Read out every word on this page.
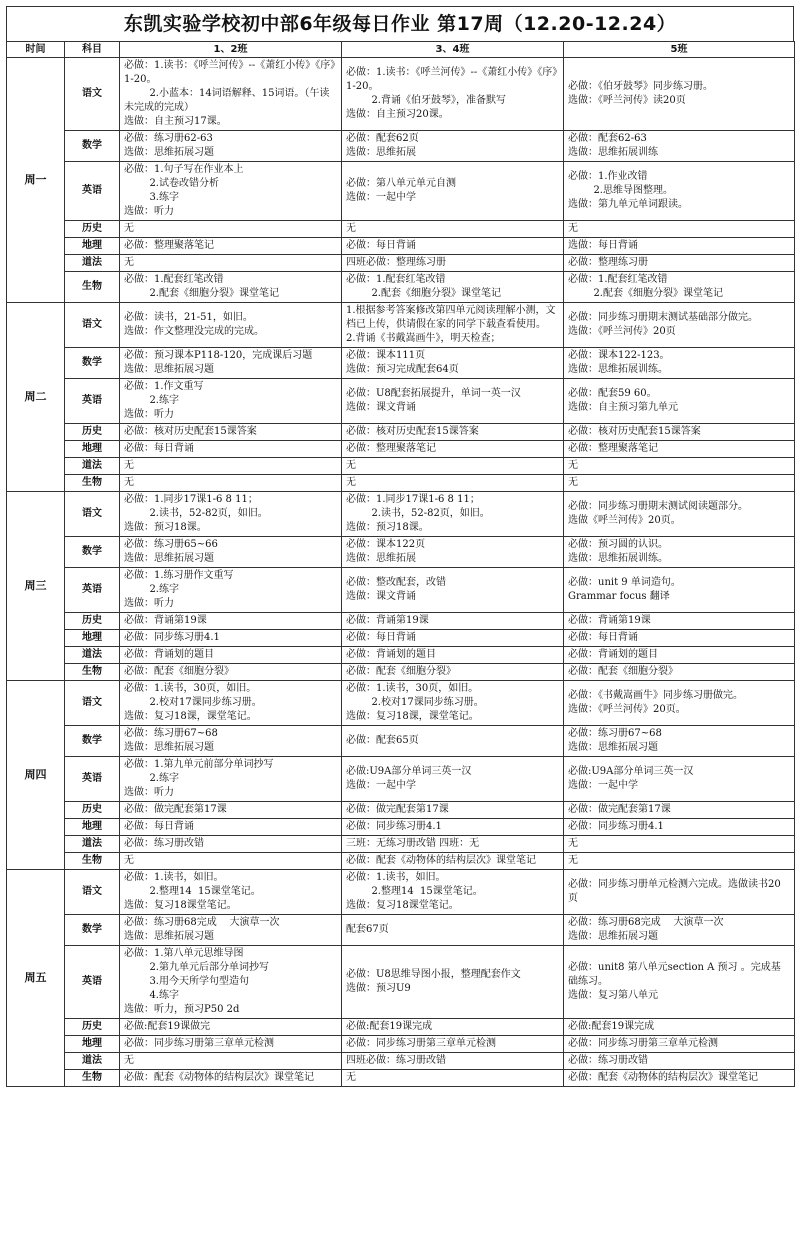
东凯实验学校初中部6年级每日作业 第17周（12.20-12.24）
时间	科目	1、2班	3、4班	5班
周一	语文	必做：1.读书：《呼兰河传》--《萧红小传》《序》1-20。
2.小蓝本：14词语解释、15词语。（午读未完成的完成）
选做：自主预习17课。	必做：1.读书：《呼兰河传》--《萧红小传》《序》1-20。
2.背诵《伯牙鼓琴》，准备默写
选做：自主预习20课。	必做：《伯牙鼓琴》同步练习册。
选做：《呼兰河传》读20页

	数学	必做：练习册62-63
选做：思维拓展习题	必做：配套62页
选做：思维拓展	必做：配套62-63
选做：思维拓展训练

	英语	必做：1.句子写在作业本上
2.试卷改错分析
3.练字
选做：听力	必做：第八单元单元自测
选做：一起中学	必做：1.作业改错
2.思维导图整理。
选做：第九单元单词跟读。

	历史	无	无	无

	地理	必做：整理聚落笔记	必做：每日背诵	选做：每日背诵

	道法	无	四班必做：整理练习册	必做：整理练习册

	生物	必做：1.配套红笔改错
2.配套《细胞分裂》课堂笔记	必做：1.配套红笔改错
2.配套《细胞分裂》课堂笔记	必做：1.配套红笔改错
2.配套《细胞分裂》课堂笔记

周二	语文	必做：读书，21-51，如旧。
选做：作文整理没完成的完成。	1.根据参考答案修改第四单元阅读理解小测，文档已上传，供请假在家的同学下载查看使用。
2.背诵《书戴嵩画牛》，明天检查；	必做：同步练习册期末测试基础部分做完。
选做：《呼兰河传》20页

	数学	必做：预习课本P118-120，完成课后习题
选做：思维拓展习题	必做：课本111页
选做：预习完成配套64页	必做：课本122-123。
选做：思维拓展训练。

	英语	必做：1.作文重写
2.练字
选做：听力	必做：U8配套拓展提升，单词一英一汉
选做：课文背诵	必做：配套59 60。
选做：自主预习第九单元

	历史	必做：核对历史配套15课答案	必做：核对历史配套15课答案	必做：核对历史配套15课答案

	地理	必做：每日背诵	必做：整理聚落笔记	必做：整理聚落笔记

	道法	无	无	无

	生物	无	无	无

周三	语文	必做：1.同步17课1-6 8 11；
2.读书，52-82页，如旧。
选做：预习18课。	必做：1.同步17课1-6 8 11；
2.读书，52-82页，如旧。
选做：预习18课。	必做：同步练习册期末测试阅读题部分。
选做《呼兰河传》20页。

	数学	必做：练习册65~66
选做：思维拓展习题	必做：课本122页
选做：思维拓展	必做：预习圆的认识。
选做：思维拓展训练。

	英语	必做：1.练习册作文重写
2.练字
选做：听力	必做：整改配套，改错
选做：课文背诵	必做：unit 9 单词造句。
Grammar focus 翻译

	历史	必做：背诵第19课	必做：背诵第19课	必做：背诵第19课

	地理	必做：同步练习册4.1	必做：每日背诵	必做：每日背诵

	道法	必做：背诵划的题目	必做：背诵划的题目	必做：背诵划的题目

	生物	必做：配套《细胞分裂》	必做：配套《细胞分裂》	必做：配套《细胞分裂》

周四	语文	必做：1.读书，30页，如旧。
2.校对17课同步练习册。
选做：复习18课，课堂笔记。	必做：1.读书，30页，如旧。
2.校对17课同步练习册。
选做：复习18课，课堂笔记。	必做：《书戴嵩画牛》同步练习册做完。
选做：《呼兰河传》20页。

	数学	必做：练习册67~68
选做：思维拓展习题	必做：配套65页	必做：练习册67~68
选做：思维拓展习题

	英语	必做：1.第九单元前部分单词抄写
2.练字
选做：听力	必做:U9A部分单词三英一汉
选做：一起中学	必做:U9A部分单词三英一汉
选做：一起中学

	历史	必做：做完配套第17课	必做：做完配套第17课	必做：做完配套第17课

	地理	必做：每日背诵	必做：同步练习册4.1	必做：同步练习册4.1

	道法	必做：练习册改错	三班：无练习册改错 四班：无	无

	生物	无	必做：配套《动物体的结构层次》课堂笔记	无

周五	语文	必做：1.读书，如旧。
2.整理14  15课堂笔记。
选做：复习18课堂笔记。	必做：1.读书，如旧。
2.整理14  15课堂笔记。
选做：复习18课堂笔记。	必做：同步练习册单元检测六完成。选做读书20页

	数学	必做：练习册68完成    大演草一次
选做：思维拓展习题	配套67页	必做：练习册68完成    大演草一次
选做：思维拓展习题

	英语	必做：1.第八单元思维导图
2.第九单元后部分单词抄写
3.用今天所学句型造句
4.练字
选做：听力，预习P50 2d	必做：U8思维导图小报，整理配套作文
选做：预习U9	必做：unit8 第八单元section A 预习 。完成基础练习。
选做：复习第八单元

	历史	必做:配套19课做完	必做:配套19课完成	必做:配套19课完成

	地理	必做：同步练习册第三章单元检测	必做：同步练习册第三章单元检测	必做：同步练习册第三章单元检测

	道法	无	四班必做：练习册改错	必做：练习册改错

	生物	必做：配套《动物体的结构层次》课堂笔记	无	必做：配套《动物体的结构层次》课堂笔记
